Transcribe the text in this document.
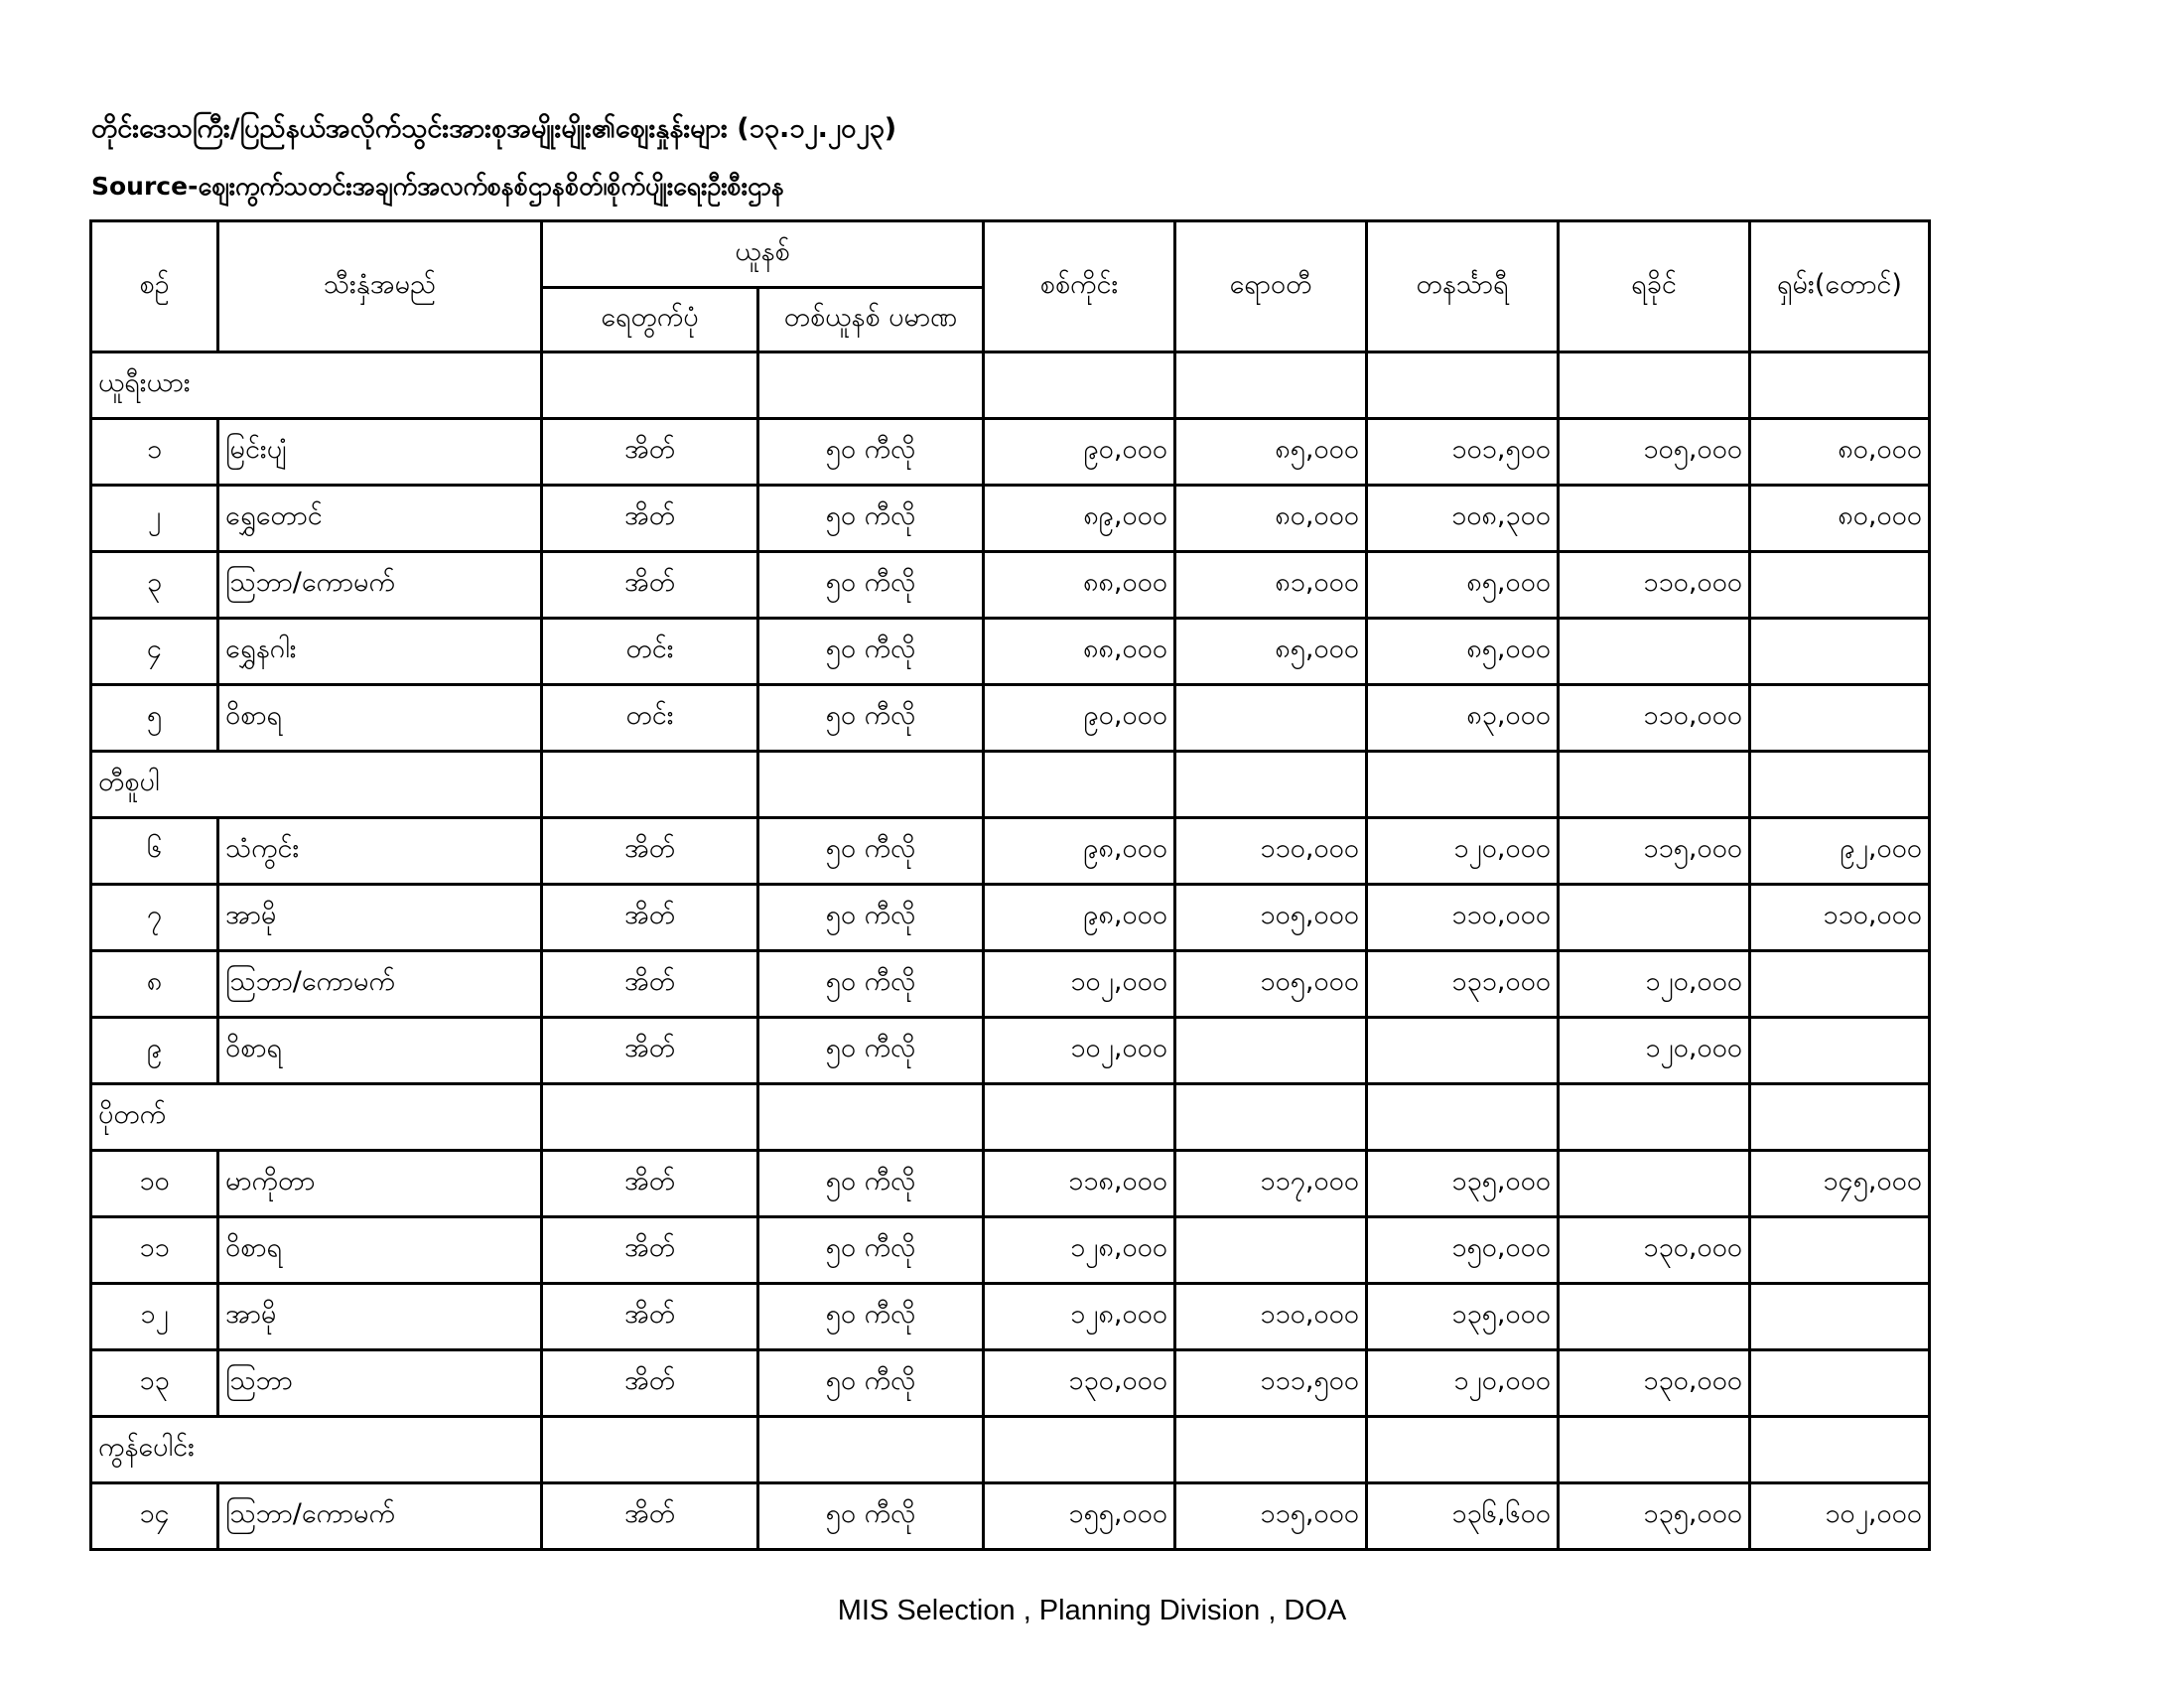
တိုင်းဒေသကြီး/ပြည်နယ်အလိုက်သွင်းအားစုအမျိုးမျိုး၏ဈေးနှုန်းများ (၁၃.၁၂.၂၀၂၃)
Source-ဈေးကွက်သတင်းအချက်အလက်စနစ်ဌာနစိတ်၊စိုက်ပျိုးရေးဦးစီးဌာန
စဉ်	သီးနှံအမည်	ယူနစ်		စစ်ကိုင်း	ရော၀တီ	တနင်္သာရီ	ရခိုင်	ရှမ်း(တောင်)
		ရေတွက်ပုံ	တစ်ယူနစ် ပမာဏ					
ယူရီးယား								
၁	မြင်းပျံ	အိတ်	၅၀ ကီလို	၉၀,၀၀၀	၈၅,၀၀၀	၁၀၁,၅၀၀	၁၀၅,၀၀၀	၈၀,၀၀၀
၂	ရွှေတောင်	အိတ်	၅၀ ကီလို	၈၉,၀၀၀	၈၀,၀၀၀	၁၀၈,၃၀၀		၈၀,၀၀၀
၃	သြဘာ/ကောမက်	အိတ်	၅၀ ကီလို	၈၈,၀၀၀	၈၁,၀၀၀	၈၅,၀၀၀	၁၁၀,၀၀၀	
၄	ရွှေနဂါး	တင်း	၅၀ ကီလို	၈၈,၀၀၀	၈၅,၀၀၀	၈၅,၀၀၀		
၅	ဝိစာရ	တင်း	၅၀ ကီလို	၉၀,၀၀၀		၈၃,၀၀၀	၁၁၀,၀၀၀	
တီစူပါ								
၆	သံကွင်း	အိတ်	၅၀ ကီလို	၉၈,၀၀၀	၁၁၀,၀၀၀	၁၂၀,၀၀၀	၁၁၅,၀၀၀	၉၂,၀၀၀
၇	အာမို	အိတ်	၅၀ ကီလို	၉၈,၀၀၀	၁၀၅,၀၀၀	၁၁၀,၀၀၀		၁၁၀,၀၀၀
၈	သြဘာ/ကောမက်	အိတ်	၅၀ ကီလို	၁၀၂,၀၀၀	၁၀၅,၀၀၀	၁၃၁,၀၀၀	၁၂၀,၀၀၀	
၉	ဝိစာရ	အိတ်	၅၀ ကီလို	၁၀၂,၀၀၀			၁၂၀,၀၀၀	
ပိုတက်								
၁၀	မာကိုတာ	အိတ်	၅၀ ကီလို	၁၁၈,၀၀၀	၁၁၇,၀၀၀	၁၃၅,၀၀၀		၁၄၅,၀၀၀
၁၁	ဝိစာရ	အိတ်	၅၀ ကီလို	၁၂၈,၀၀၀		၁၅၀,၀၀၀	၁၃၀,၀၀၀	
၁၂	အာမို	အိတ်	၅၀ ကီလို	၁၂၈,၀၀၀	၁၁၀,၀၀၀	၁၃၅,၀၀၀		
၁၃	သြဘာ	အိတ်	၅၀ ကီလို	၁၃၀,၀၀၀	၁၁၁,၅၀၀	၁၂၀,၀၀၀	၁၃၀,၀၀၀	
ကွန်ပေါင်း								
၁၄	သြဘာ/ကောမက်	အိတ်	၅၀ ကီလို	၁၅၅,၀၀၀	၁၁၅,၀၀၀	၁၃၆,၆၀၀	၁၃၅,၀၀၀	၁၀၂,၀၀၀
MIS Selection , Planning Division , DOA
